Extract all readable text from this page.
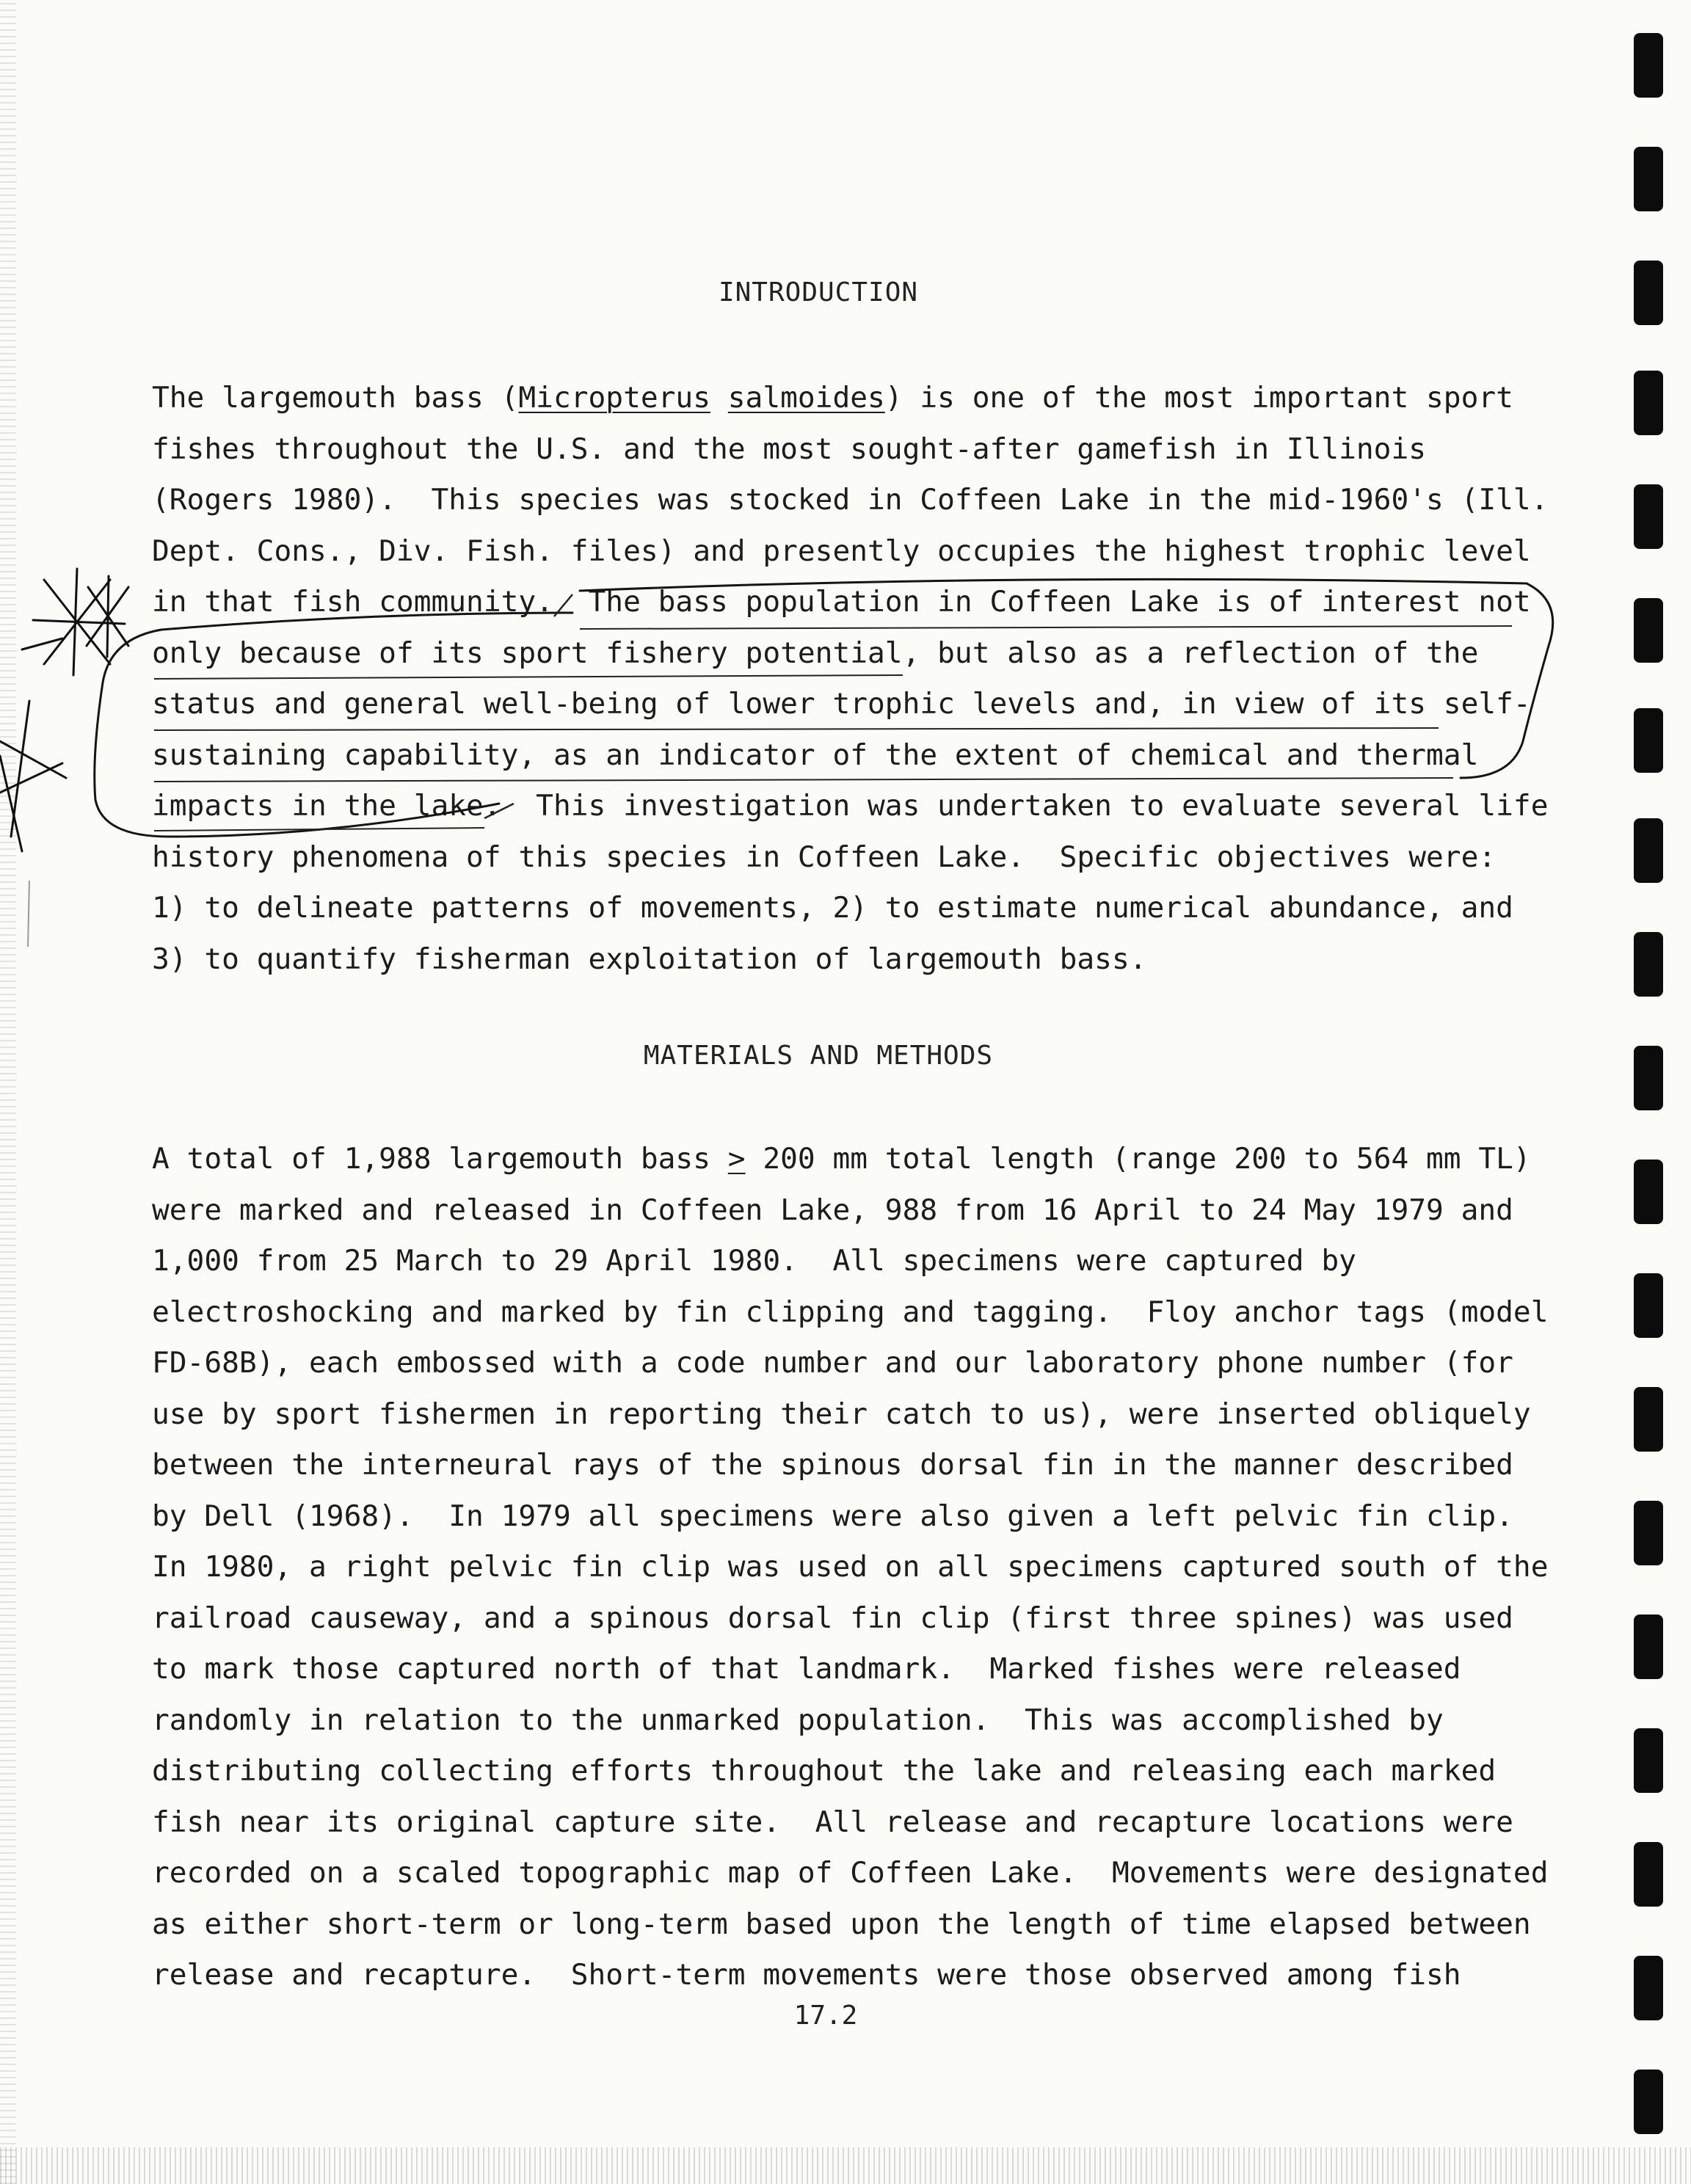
INTRODUCTION
The largemouth bass (Micropterus salmoides) is one of the most important sport
fishes throughout the U.S. and the most sought-after gamefish in Illinois
(Rogers 1980).  This species was stocked in Coffeen Lake in the mid-1960's (Ill.
Dept. Cons., Div. Fish. files) and presently occupies the highest trophic level
in that fish community.  The bass population in Coffeen Lake is of interest not
only because of its sport fishery potential, but also as a reflection of the
status and general well-being of lower trophic levels and, in view of its self-
sustaining capability, as an indicator of the extent of chemical and thermal
impacts in the lake.  This investigation was undertaken to evaluate several life
history phenomena of this species in Coffeen Lake.  Specific objectives were:
1) to delineate patterns of movements, 2) to estimate numerical abundance, and
3) to quantify fisherman exploitation of largemouth bass.
MATERIALS AND METHODS
A total of 1,988 largemouth bass > 200 mm total length (range 200 to 564 mm TL)
were marked and released in Coffeen Lake, 988 from 16 April to 24 May 1979 and
1,000 from 25 March to 29 April 1980.  All specimens were captured by
electroshocking and marked by fin clipping and tagging.  Floy anchor tags (model
FD-68B), each embossed with a code number and our laboratory phone number (for
use by sport fishermen in reporting their catch to us), were inserted obliquely
between the interneural rays of the spinous dorsal fin in the manner described
by Dell (1968).  In 1979 all specimens were also given a left pelvic fin clip.
In 1980, a right pelvic fin clip was used on all specimens captured south of the
railroad causeway, and a spinous dorsal fin clip (first three spines) was used
to mark those captured north of that landmark.  Marked fishes were released
randomly in relation to the unmarked population.  This was accomplished by
distributing collecting efforts throughout the lake and releasing each marked
fish near its original capture site.  All release and recapture locations were
recorded on a scaled topographic map of Coffeen Lake.  Movements were designated
as either short-term or long-term based upon the length of time elapsed between
release and recapture.  Short-term movements were those observed among fish
17.2
